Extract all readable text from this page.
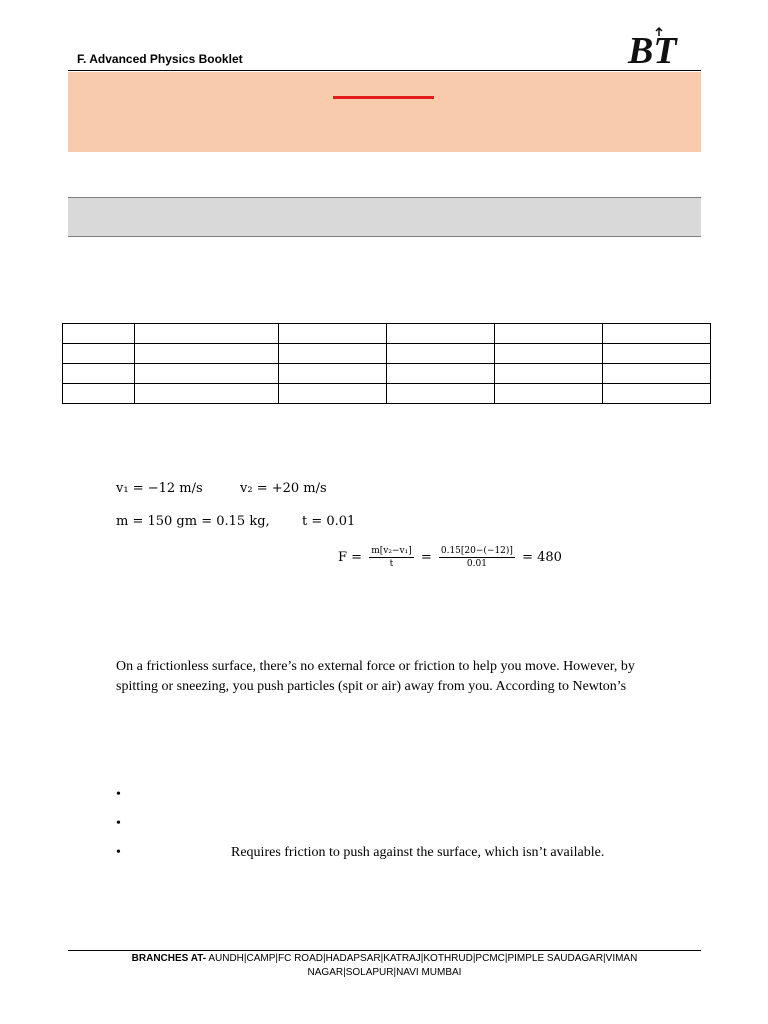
F. Advanced Physics Booklet	BT

v₁ = −12 m/s	v₂ = +20 m/s
m = 150 gm = 0.15 kg, t = 0.01
$F = \frac{\text{m[v₂−v₁]}}{t} = \frac{0.15[20-(-12)]}{0.01} = 480$
On a frictionless surface, there’s no external force or friction to help you move. However, by
spitting or sneezing, you push particles (spit or air) away from you. According to Newton’s
•
•
•	Requires friction to push against the surface, which isn’t available.
BRANCHES AT- AUNDH|CAMP|FC ROAD|HADAPSAR|KATRAJ|KOTHRUD|PCMC|PIMPLE SAUDAGAR|VIMAN
NAGAR|SOLAPUR|NAVI MUMBAI
